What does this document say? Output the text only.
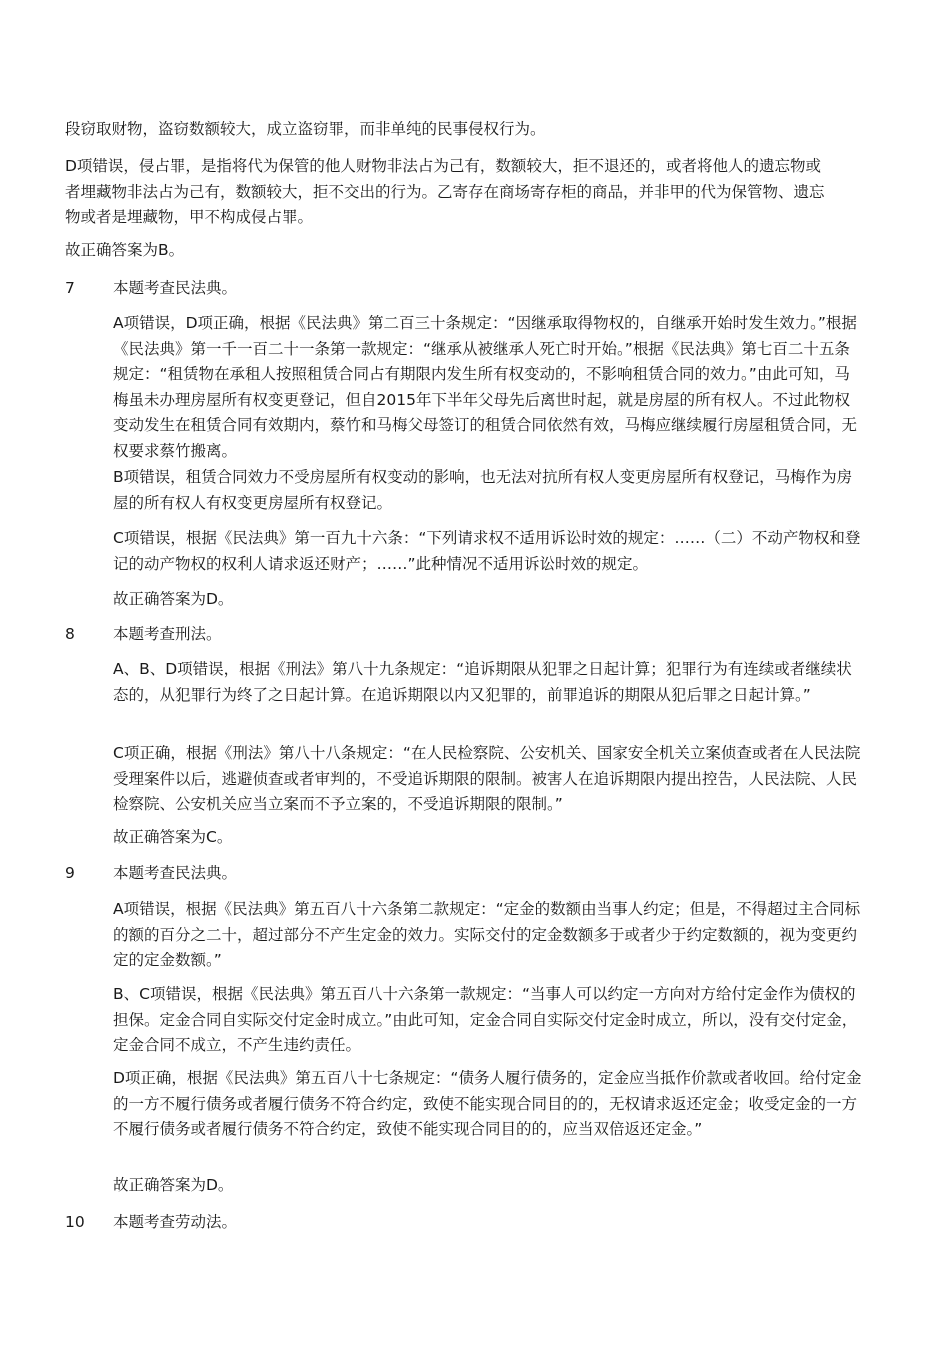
段窃取财物，盗窃数额较大，成立盗窃罪，而非单纯的民事侵权行为。

D项错误，侵占罪，是指将代为保管的他人财物非法占为己有，数额较大，拒不退还的，或者将他人的遗忘物或者埋藏物非法占为己有，数额较大，拒不交出的行为。乙寄存在商场寄存柜的商品，并非甲的代为保管物、遗忘物或者是埋藏物，甲不构成侵占罪。

故正确答案为B。

7 本题考查民法典。

A项错误，D项正确，根据《民法典》第二百三十条规定：“因继承取得物权的，自继承开始时发生效力。”根据《民法典》第一千一百二十一条第一款规定：“继承从被继承人死亡时开始。”根据《民法典》第七百二十五条规定：“租赁物在承租人按照租赁合同占有期限内发生所有权变动的，不影响租赁合同的效力。”由此可知，马梅虽未办理房屋所有权变更登记，但自2015年下半年父母先后离世时起，就是房屋的所有权人。不过此物权变动发生在租赁合同有效期内，蔡竹和马梅父母签订的租赁合同依然有效，马梅应继续履行房屋租赁合同，无权要求蔡竹搬离。

B项错误，租赁合同效力不受房屋所有权变动的影响，也无法对抗所有权人变更房屋所有权登记，马梅作为房屋的所有权人有权变更房屋所有权登记。

C项错误，根据《民法典》第一百九十六条：“下列请求权不适用诉讼时效的规定：……（二）不动产物权和登记的动产物权的权利人请求返还财产；……”此种情况不适用诉讼时效的规定。

故正确答案为D。

8 本题考查刑法。

A、B、D项错误，根据《刑法》第八十九条规定：“追诉期限从犯罪之日起计算；犯罪行为有连续或者继续状态的，从犯罪行为终了之日起计算。在追诉期限以内又犯罪的，前罪追诉的期限从犯后罪之日起计算。”

C项正确，根据《刑法》第八十八条规定：“在人民检察院、公安机关、国家安全机关立案侦查或者在人民法院受理案件以后，逃避侦查或者审判的，不受追诉期限的限制。被害人在追诉期限内提出控告，人民法院、人民检察院、公安机关应当立案而不予立案的，不受追诉期限的限制。”

故正确答案为C。

9 本题考查民法典。

A项错误，根据《民法典》第五百八十六条第二款规定：“定金的数额由当事人约定；但是，不得超过主合同标的额的百分之二十，超过部分不产生定金的效力。实际交付的定金数额多于或者少于约定数额的，视为变更约定的定金数额。”

B、C项错误，根据《民法典》第五百八十六条第一款规定：“当事人可以约定一方向对方给付定金作为债权的担保。定金合同自实际交付定金时成立。”由此可知，定金合同自实际交付定金时成立，所以，没有交付定金，定金合同不成立，不产生违约责任。

D项正确，根据《民法典》第五百八十七条规定：“债务人履行债务的，定金应当抵作价款或者收回。给付定金的一方不履行债务或者履行债务不符合约定，致使不能实现合同目的的，无权请求返还定金；收受定金的一方不履行债务或者履行债务不符合约定，致使不能实现合同目的的，应当双倍返还定金。”

故正确答案为D。

10 本题考查劳动法。
